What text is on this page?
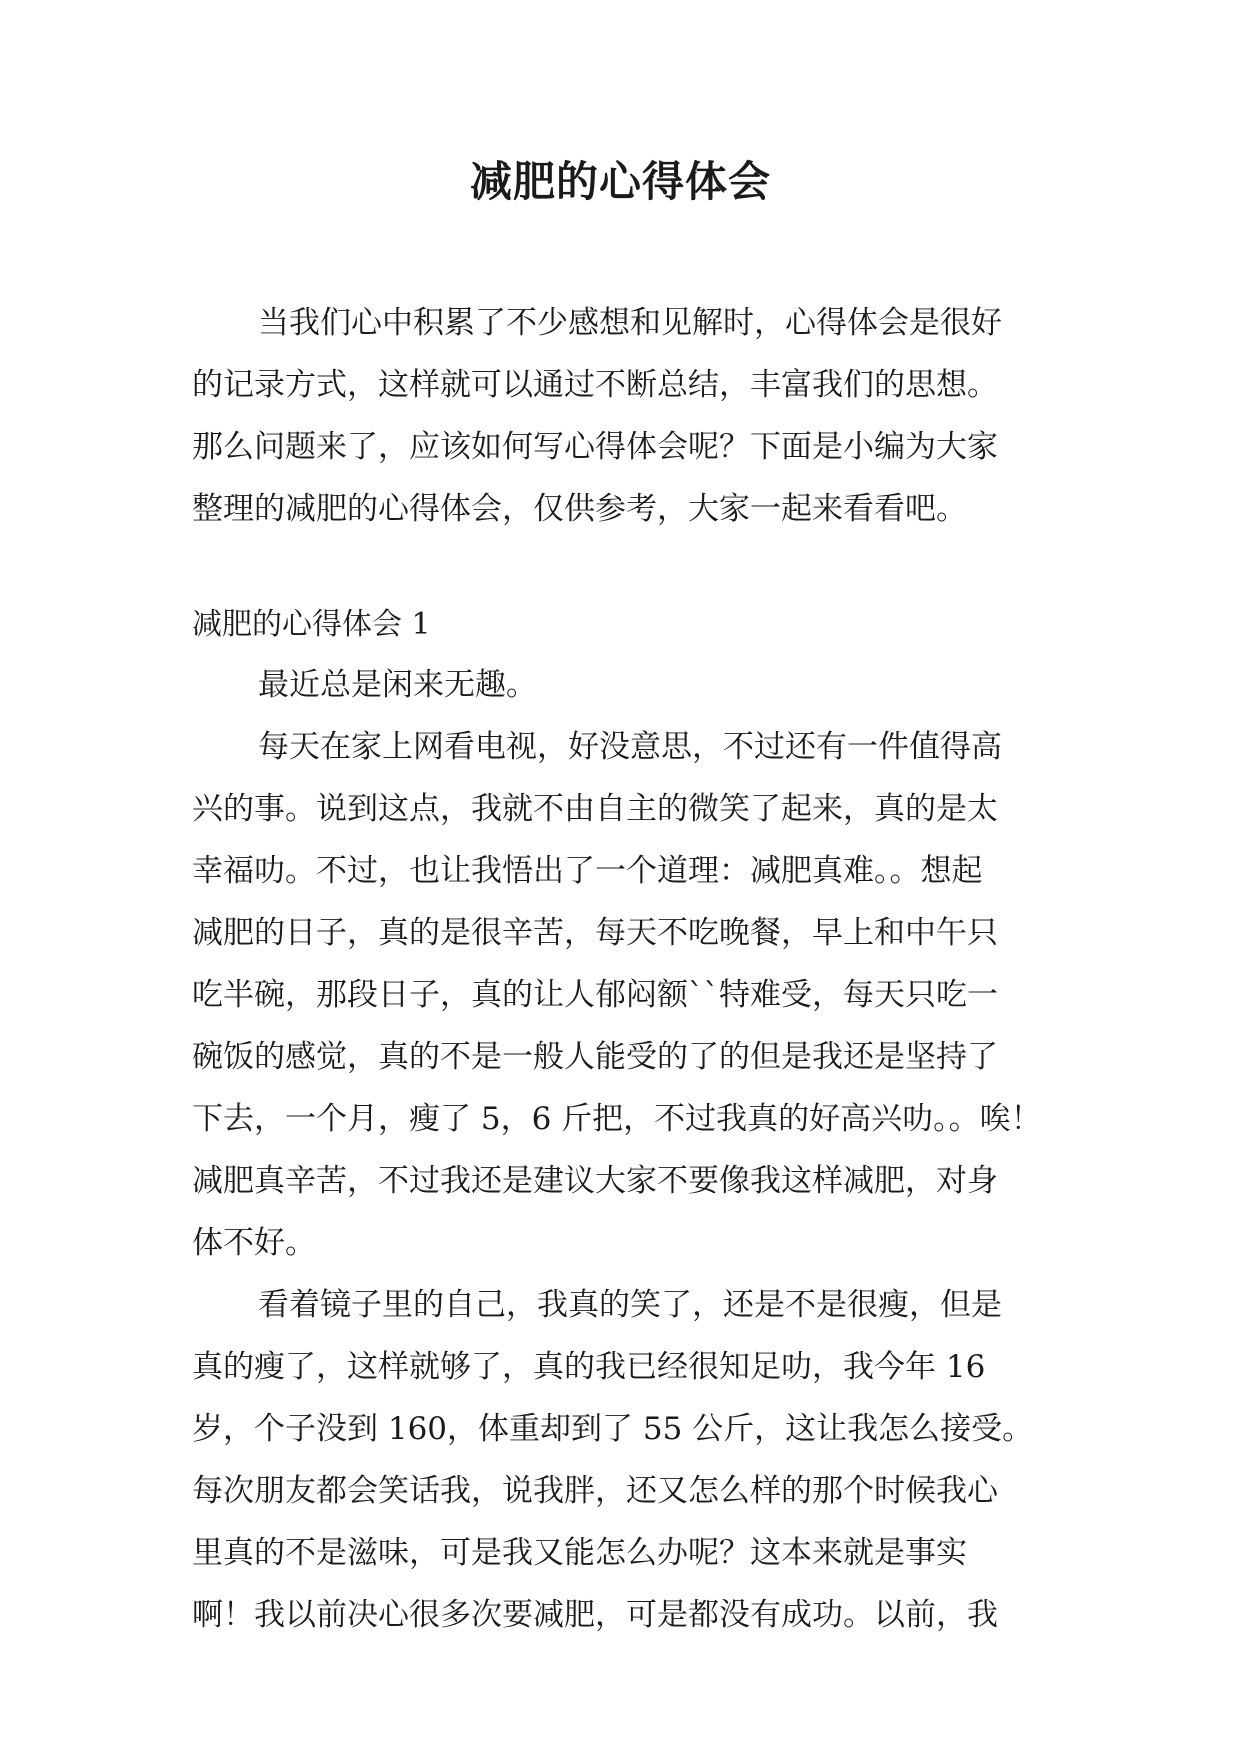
减肥的心得体会
当我们心中积累了不少感想和见解时，心得体会是很好
的记录方式，这样就可以通过不断总结，丰富我们的思想。
那么问题来了，应该如何写心得体会呢？下面是小编为大家
整理的减肥的心得体会，仅供参考，大家一起来看看吧。
减肥的心得体会 1
最近总是闲来无趣。
每天在家上网看电视，好没意思，不过还有一件值得高
兴的事。说到这点，我就不由自主的微笑了起来，真的是太
幸福叻。不过，也让我悟出了一个道理：减肥真难。。想起
减肥的日子，真的是很辛苦，每天不吃晚餐，早上和中午只
吃半碗，那段日子，真的让人郁闷额``特难受，每天只吃一
碗饭的感觉，真的不是一般人能受的了的但是我还是坚持了
下去，一个月，瘦了 5，6 斤把，不过我真的好高兴叻。。唉！
减肥真辛苦，不过我还是建议大家不要像我这样减肥，对身
体不好。
看着镜子里的自己，我真的笑了，还是不是很瘦，但是
真的瘦了，这样就够了，真的我已经很知足叻，我今年 16
岁，个子没到 160，体重却到了 55 公斤，这让我怎么接受。
每次朋友都会笑话我，说我胖，还又怎么样的那个时候我心
里真的不是滋味，可是我又能怎么办呢？这本来就是事实
啊！我以前决心很多次要减肥，可是都没有成功。以前，我
